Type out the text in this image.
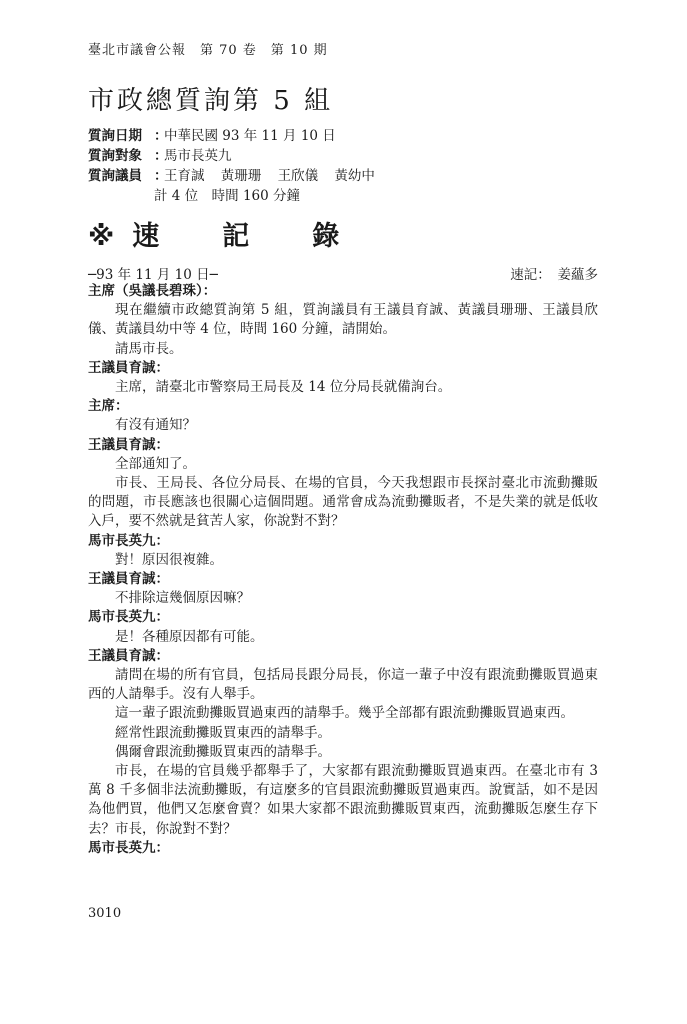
臺北市議會公報　第 70 卷　第 10 期
市政總質詢第 5 組
質詢日期 ：
中華民國 93 年 11 月 10 日
質詢對象 ：
馬市長英九
質詢議員 ：
王育誠 黃珊珊 王欣儀 黃幼中
計 4 位　時間 160 分鐘
※速　記　錄
─93 年 11 月 10 日─	速記：　姜蘊多
主席（吳議長碧珠）：
現在繼續市政總質詢第 5 組，質詢議員有王議員育誠、黃議員珊珊、王議員欣儀、黃議員幼中等 4 位，時間 160 分鐘，請開始。
請馬市長。
王議員育誠：
主席，請臺北市警察局王局長及 14 位分局長就備詢台。
主席：
有沒有通知？
王議員育誠：
全部通知了。
市長、王局長、各位分局長、在場的官員，今天我想跟市長探討臺北市流動攤販的問題，市長應該也很關心這個問題。通常會成為流動攤販者，不是失業的就是低收入戶，要不然就是貧苦人家，你說對不對？
馬市長英九：
對！原因很複雜。
王議員育誠：
不排除這幾個原因嘛？
馬市長英九：
是！各種原因都有可能。
王議員育誠：
請問在場的所有官員，包括局長跟分局長，你這一輩子中沒有跟流動攤販買過東西的人請舉手。沒有人舉手。
這一輩子跟流動攤販買過東西的請舉手。幾乎全部都有跟流動攤販買過東西。
經常性跟流動攤販買東西的請舉手。
偶爾會跟流動攤販買東西的請舉手。
市長，在場的官員幾乎都舉手了，大家都有跟流動攤販買過東西。在臺北市有 3 萬 8 千多個非法流動攤販，有這麼多的官員跟流動攤販買過東西。說實話，如不是因為他們買，他們又怎麼會賣？如果大家都不跟流動攤販買東西，流動攤販怎麼生存下去？市長，你說對不對？
馬市長英九：
3010
